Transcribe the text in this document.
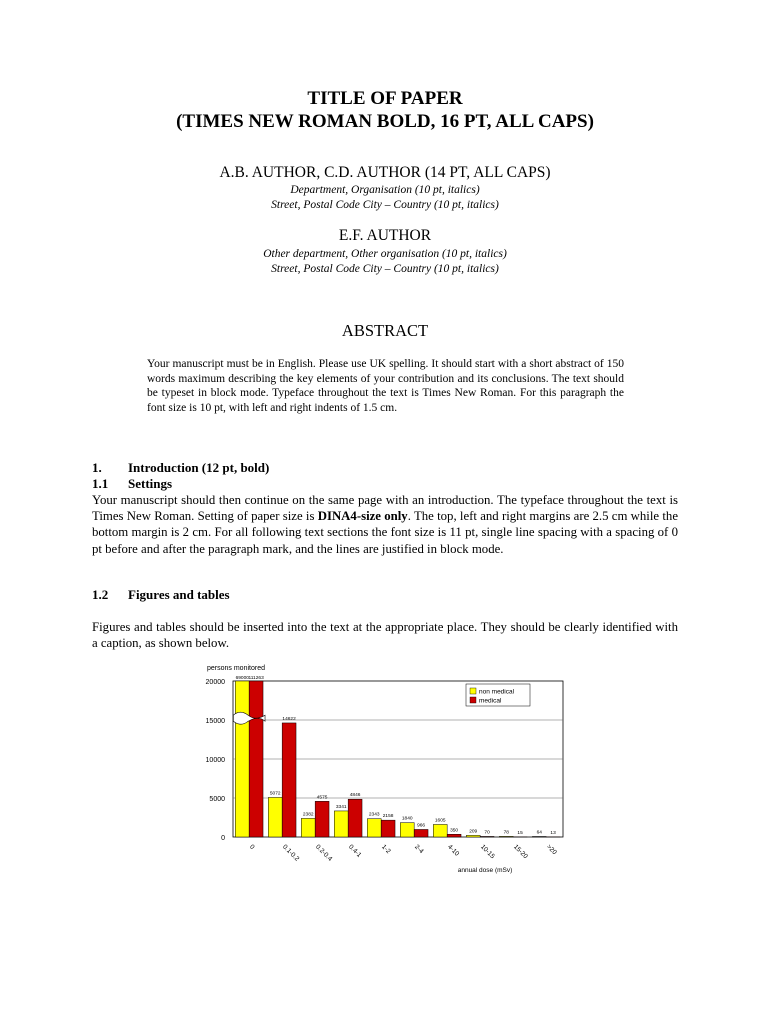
TITLE OF PAPER
(TIMES NEW ROMAN BOLD, 16 PT, ALL CAPS)
A.B. AUTHOR, C.D. AUTHOR (14 PT, ALL CAPS)
Department, Organisation (10 pt, italics)
Street, Postal Code City – Country (10 pt, italics)
E.F. AUTHOR
Other department, Other organisation (10 pt, italics)
Street, Postal Code City – Country (10 pt, italics)
ABSTRACT
Your manuscript must be in English. Please use UK spelling. It should start with a short abstract of 150 words maximum describing the key elements of your contribution and its conclusions. The text should be typeset in block mode. Typeface throughout the text is Times New Roman. For this paragraph the font size is 10 pt, with left and right indents of 1.5 cm.
1. Introduction (12 pt, bold)
1.1 Settings
Your manuscript should then continue on the same page with an introduction. The typeface throughout the text is Times New Roman. Setting of paper size is DINA4-size only. The top, left and right margins are 2.5 cm while the bottom margin is 2 cm. For all following text sections the font size is 11 pt, single line spacing with a spacing of 0 pt before and after the paragraph mark, and the lines are justified in block mode.
1.2 Figures and tables
Figures and tables should be inserted into the text at the appropriate place. They should be clearly identified with a caption, as shown below.
0
5000
10000
15000
20000
persons monitored
69000 111263
0
5072
14622
0.1-0.2
2382
4575
0.2-0.4
3341
4846
0.4-1
2343 2158
1-2
1840
966
2-4
1605
350
4-10
209 70
10-15
78 15
15-20
64 13
>20
non medical
medical
annual dose (mSv)
